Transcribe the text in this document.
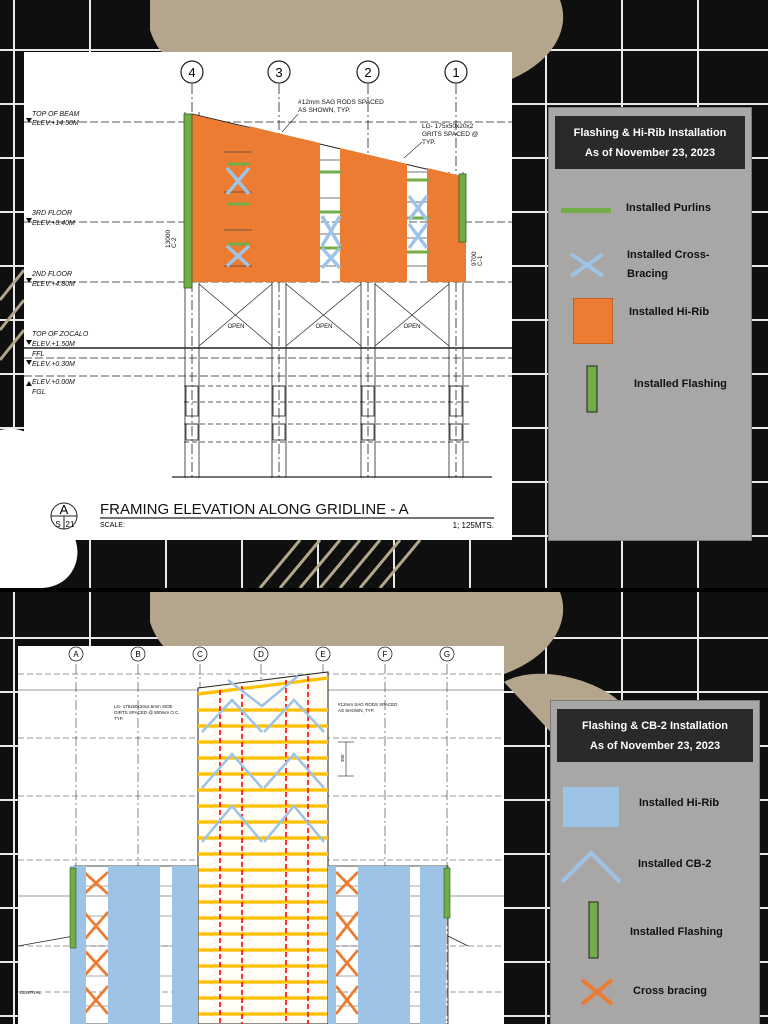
4	3	2	1
TOP OF BEAM
ELEV.+14.50M
3RD FLOOR
ELEV.+8.40M
2ND FLOOR
ELEV.+4.80M
TOP OF ZOCALO
ELEV.+1.50M
FFL
ELEV.+0.30M
ELEV.+0.00M
FGL
OPEN	OPEN	OPEN
#12mm SAG RODS SPACED
AS SHOWN, TYP.
LG- 175x50x20x2
GRITS SPACED @
TYP.
C-2
13000
C-1
9700
A
S 21
FRAMING ELEVATION ALONG GRIDLINE - A
SCALE:	1; 125MTS.
Flashing & Hi-Rib Installation
As of November 23, 2023
Installed Purlins
Installed Cross-
Bracing
Installed Hi-Rib
Installed Flashing
A	B	C	D	E	F	G
LG- 175x50x20x2.5mm SIDE
GIRTS SPACED @ 800mm O.C.
TYP.
#12mm SAG RODS SPACED
AS SHOWN, TYP.
300
CENTRAL
Flashing & CB-2 Installation
As of November 23, 2023
Installed Hi-Rib
Installed CB-2
Installed Flashing
Cross bracing
